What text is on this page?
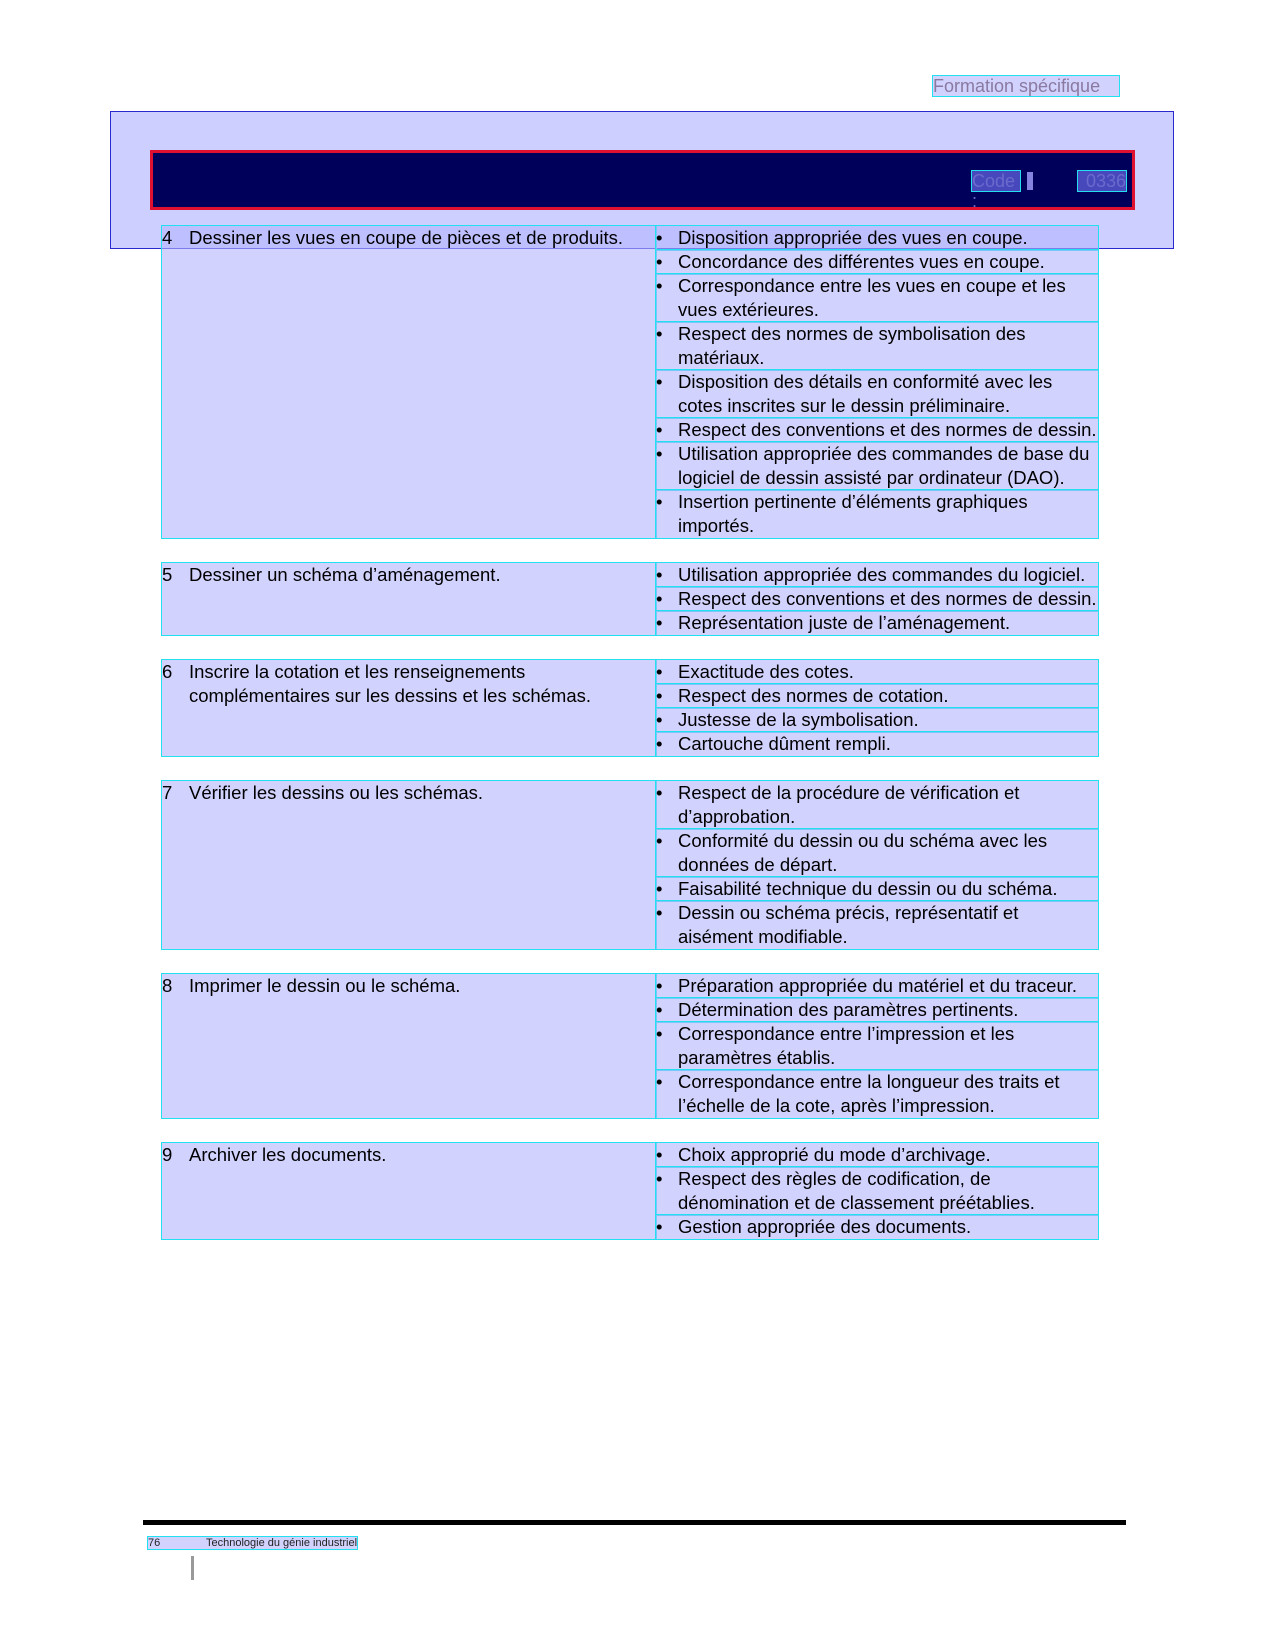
Formation spécifique
Code :
0336
4 Dessiner les vues en coupe de pièces et de produits.	• Disposition appropriée des vues en coupe.
• Concordance des différentes vues en coupe.
• Correspondance entre les vues en coupe et les vues extérieures.
• Respect des normes de symbolisation des matériaux.
• Disposition des détails en conformité avec les cotes inscrites sur le dessin préliminaire.
• Respect des conventions et des normes de dessin.
• Utilisation appropriée des commandes de base du logiciel de dessin assisté par ordinateur (DAO).
• Insertion pertinente d’éléments graphiques importés.
5 Dessiner un schéma d’aménagement.	• Utilisation appropriée des commandes du logiciel.
• Respect des conventions et des normes de dessin.
• Représentation juste de l’aménagement.
6 Inscrire la cotation et les renseignements complémentaires sur les dessins et les schémas.
• Exactitude des cotes.
• Respect des normes de cotation.
• Justesse de la symbolisation.
• Cartouche dûment rempli.
7 Vérifier les dessins ou les schémas.	• Respect de la procédure de vérification et d’approbation.
• Conformité du dessin ou du schéma avec les données de départ.
• Faisabilité technique du dessin ou du schéma.
• Dessin ou schéma précis, représentatif et aisément modifiable.
8 Imprimer le dessin ou le schéma.	• Préparation appropriée du matériel et du traceur.
• Détermination des paramètres pertinents.
• Correspondance entre l’impression et les paramètres établis.
• Correspondance entre la longueur des traits et l’échelle de la cote, après l’impression.
9 Archiver les documents.	• Choix approprié du mode d’archivage.
• Respect des règles de codification, de dénomination et de classement préétablies.
• Gestion appropriée des documents.
76	Technologie du génie industriel
